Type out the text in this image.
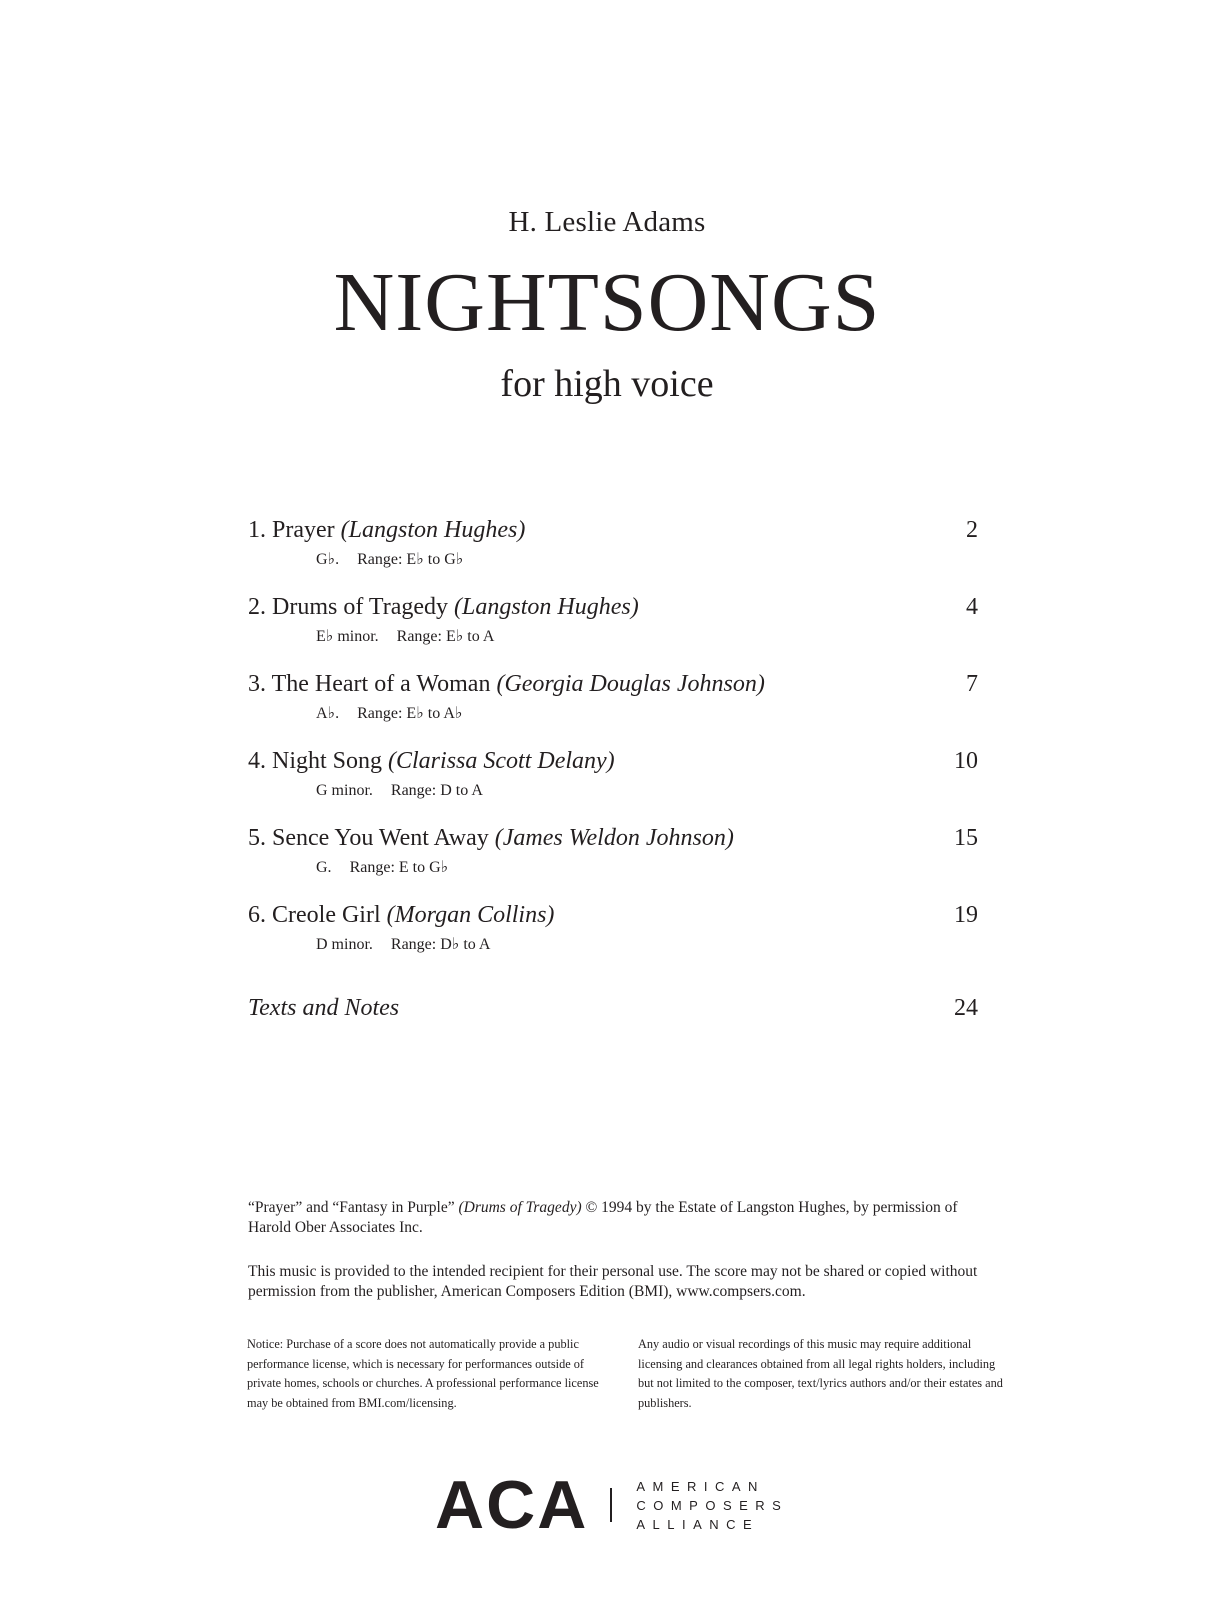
H. Leslie Adams
NIGHTSONGS
for high voice
1. Prayer (Langston Hughes)	2
G♭. Range: E♭ to G♭
2. Drums of Tragedy (Langston Hughes)	4
E♭ minor. Range: E♭ to A
3. The Heart of a Woman (Georgia Douglas Johnson)	7
A♭. Range: E♭ to A♭
4. Night Song (Clarissa Scott Delany)	10
G minor. Range: D to A
5. Sence You Went Away (James Weldon Johnson)	15
G. Range: E to G♭
6. Creole Girl (Morgan Collins)	19
D minor. Range: D♭ to A
Texts and Notes	24
“Prayer” and “Fantasy in Purple” (Drums of Tragedy) © 1994 by the Estate of Langston Hughes, by permission of Harold Ober Associates Inc.
This music is provided to the intended recipient for their personal use. The score may not be shared or copied without permission from the publisher, American Composers Edition (BMI), www.compsers.com.
Notice: Purchase of a score does not automatically provide a public performance license, which is necessary for performances outside of private homes, schools or churches. A professional performance license may be obtained from BMI.com/licensing.
Any audio or visual recordings of this music may require additional licensing and clearances obtained from all legal rights holders, including but not limited to the composer, text/lyrics authors and/or their estates and publishers.
ACA	AMERICAN
COMPOSERS
ALLIANCE
